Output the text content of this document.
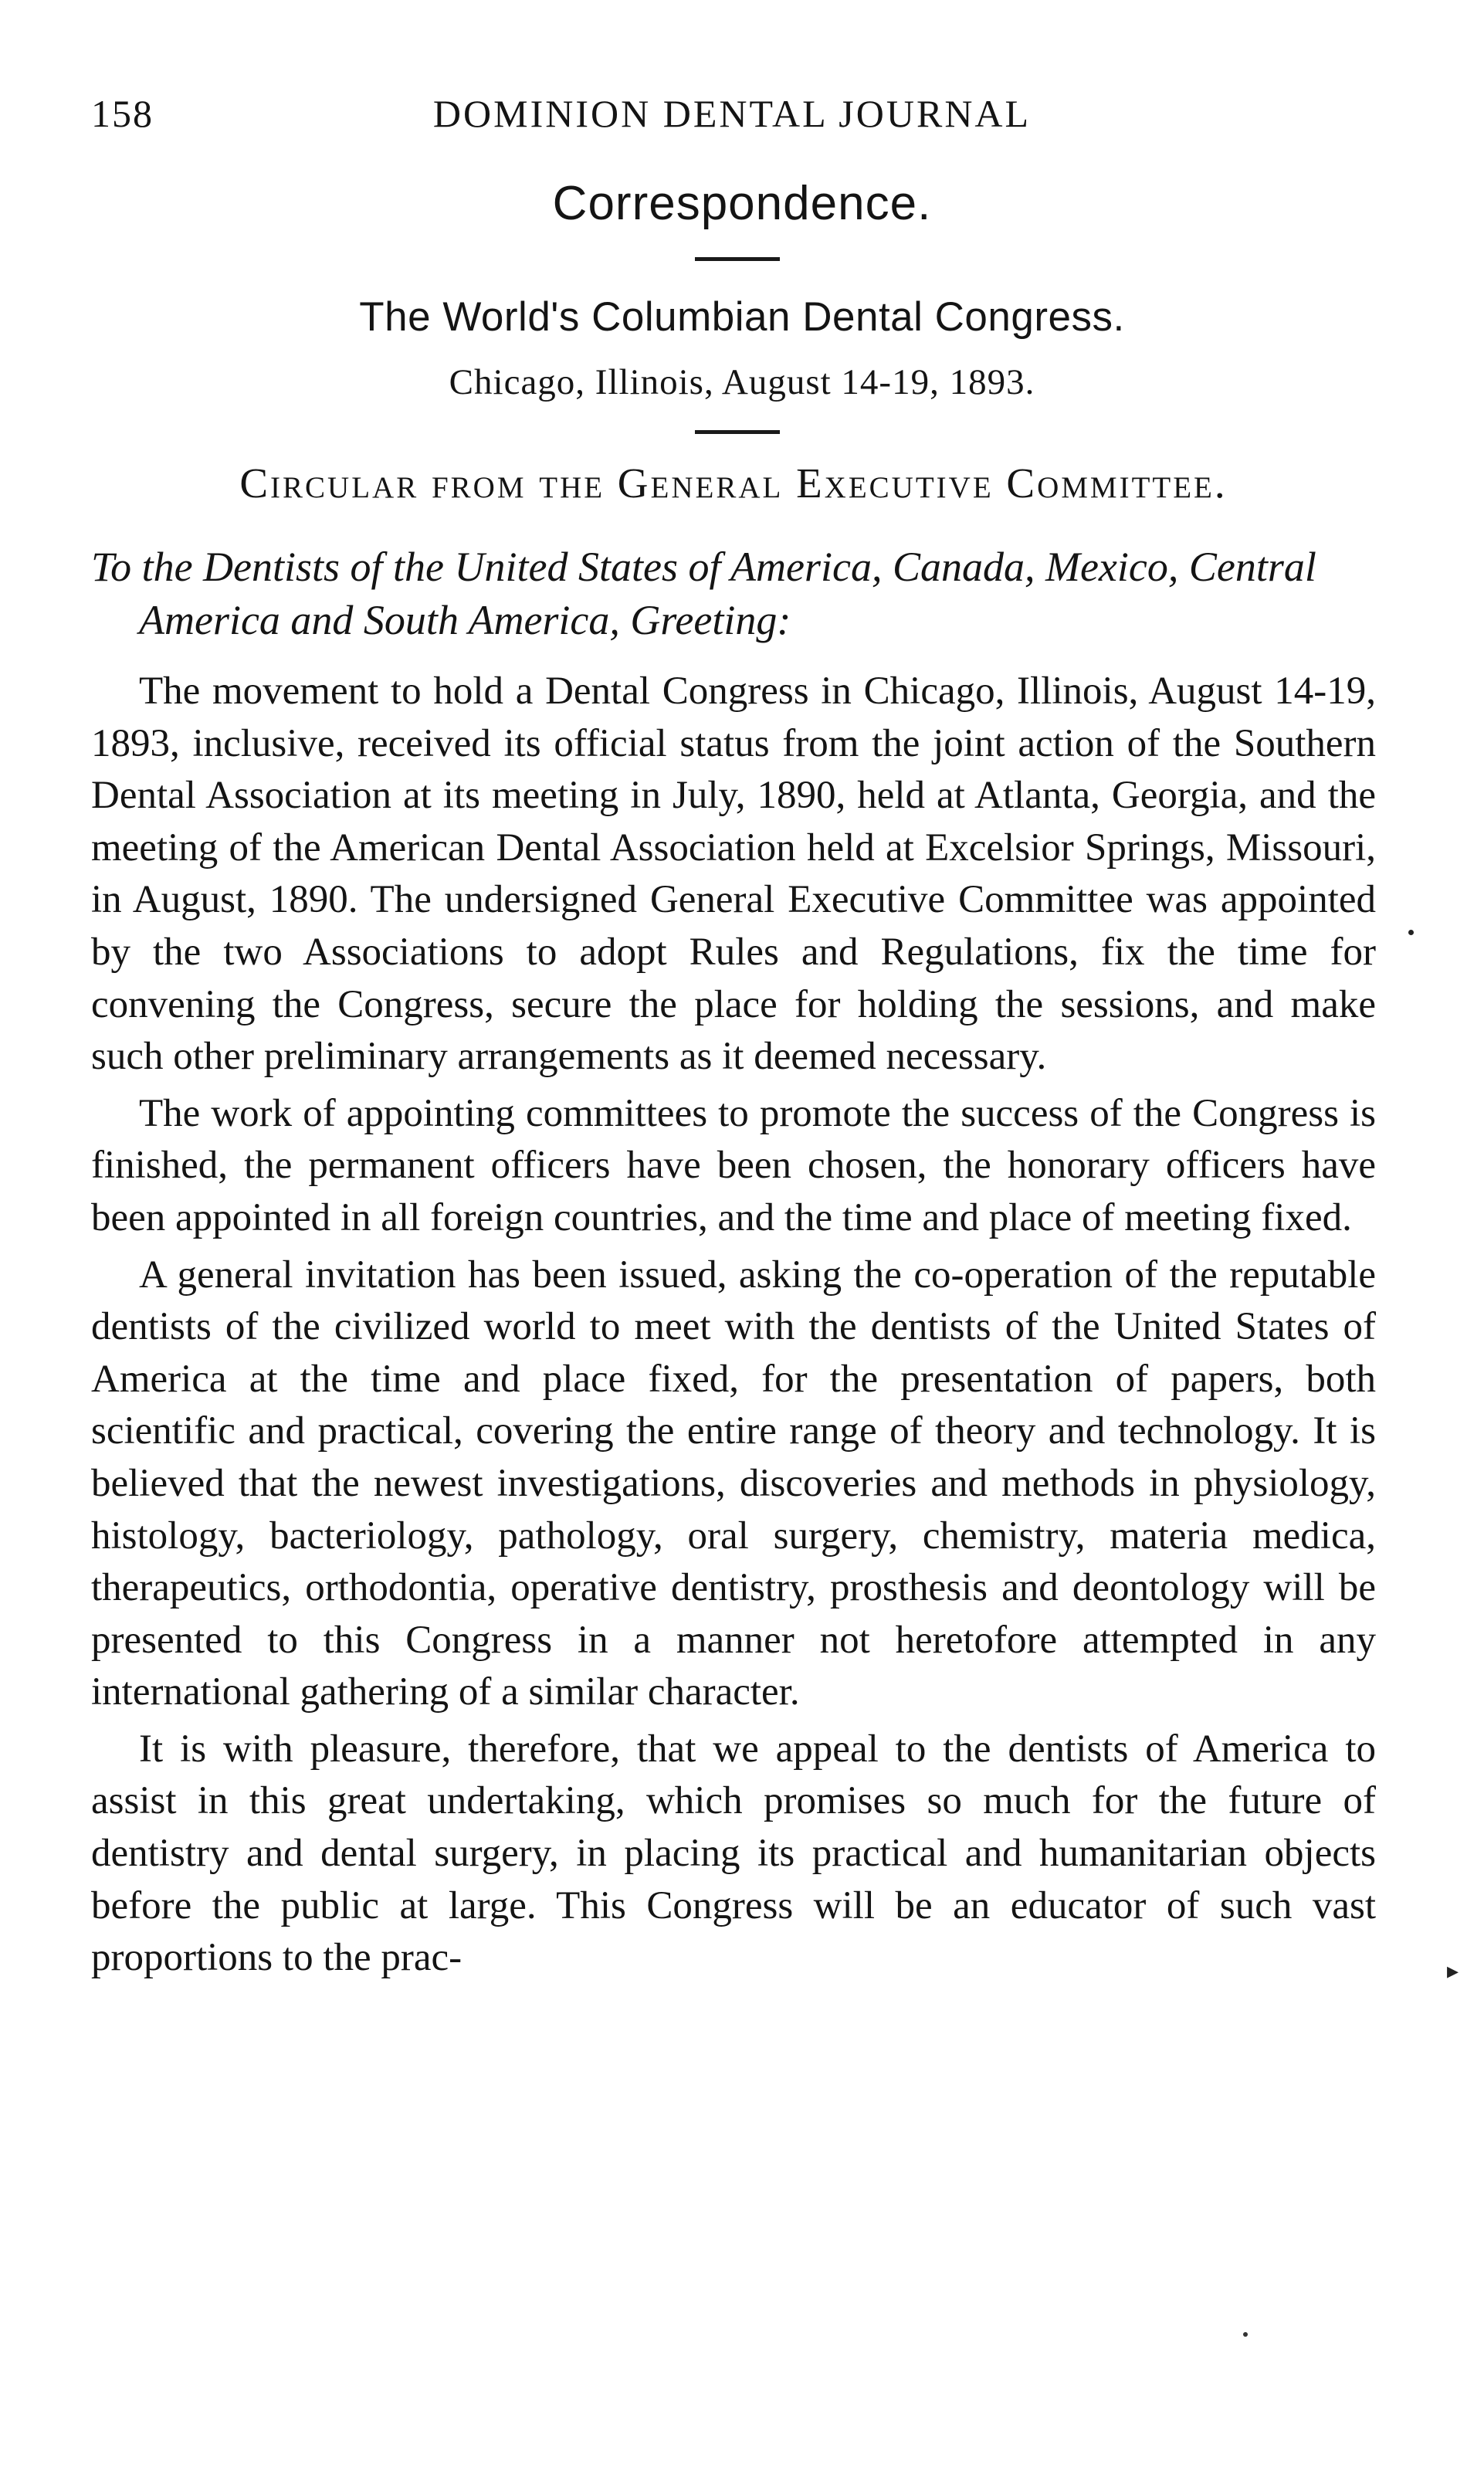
158	DOMINION DENTAL JOURNAL
Correspondence.
The World's Columbian Dental Congress.
Chicago, Illinois, August 14-19, 1893.
Circular from the General Executive Committee.
To the Dentists of the United States of America, Canada, Mexico, Central America and South America, Greeting:

The movement to hold a Dental Congress in Chicago, Illinois, August 14-19, 1893, inclusive, received its official status from the joint action of the Southern Dental Association at its meeting in July, 1890, held at Atlanta, Georgia, and the meeting of the American Dental Association held at Excelsior Springs, Missouri, in August, 1890. The undersigned General Executive Committee was appointed by the two Associations to adopt Rules and Regulations, fix the time for convening the Congress, secure the place for holding the sessions, and make such other preliminary arrangements as it deemed necessary.

The work of appointing committees to promote the success of the Congress is finished, the permanent officers have been chosen, the honorary officers have been appointed in all foreign countries, and the time and place of meeting fixed.

A general invitation has been issued, asking the co-operation of the reputable dentists of the civilized world to meet with the dentists of the United States of America at the time and place fixed, for the presentation of papers, both scientific and practical, covering the entire range of theory and technology. It is believed that the newest investigations, discoveries and methods in physiology, histology, bacteriology, pathology, oral surgery, chemistry, materia medica, therapeutics, orthodontia, operative dentistry, prosthesis and deontology will be presented to this Congress in a manner not heretofore attempted in any international gathering of a similar character.

It is with pleasure, therefore, that we appeal to the dentists of America to assist in this great undertaking, which promises so much for the future of dentistry and dental surgery, in placing its practical and humanitarian objects before the public at large. This Congress will be an educator of such vast proportions to the prac-	▸
